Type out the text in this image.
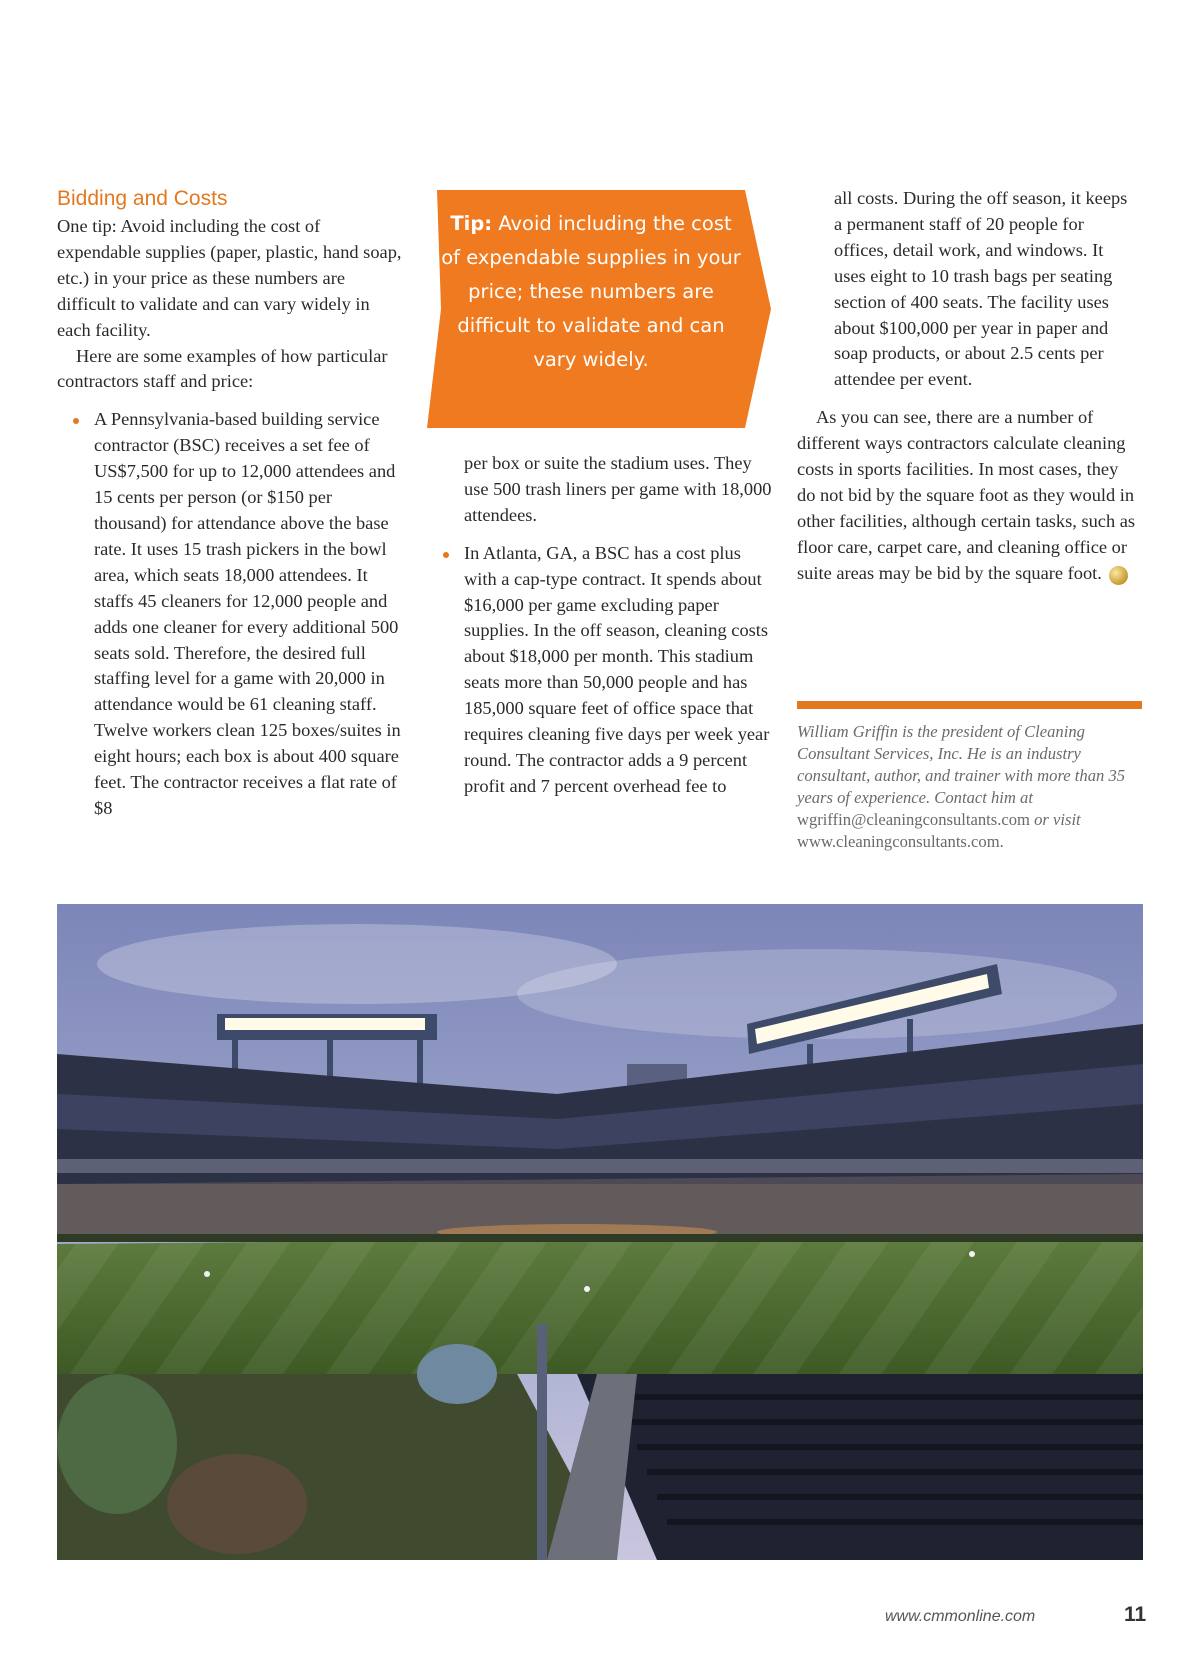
Bidding and Costs

One tip: Avoid including the cost of expendable supplies (paper, plastic, hand soap, etc.) in your price as these numbers are difficult to validate and can vary widely in each facility.

Here are some examples of how particular contractors staff and price:

A Pennsylvania-based building service contractor (BSC) receives a set fee of US$7,500 for up to 12,000 attendees and 15 cents per person (or $150 per thousand) for attendance above the base rate. It uses 15 trash pickers in the bowl area, which seats 18,000 attendees. It staffs 45 cleaners for 12,000 people and adds one cleaner for every additional 500 seats sold. Therefore, the desired full staffing level for a game with 20,000 in attendance would be 61 cleaning staff. Twelve workers clean 125 boxes/suites in eight hours; each box is about 400 square feet. The contractor receives a flat rate of $8
Tip: Avoid including the cost of expendable supplies in your price; these numbers are difficult to validate and can vary widely.

per box or suite the stadium uses. They use 500 trash liners per game with 18,000 attendees.

In Atlanta, GA, a BSC has a cost plus with a cap-type contract. It spends about $16,000 per game excluding paper supplies. In the off season, cleaning costs about $18,000 per month. This stadium seats more than 50,000 people and has 185,000 square feet of office space that requires cleaning five days per week year round. The contractor adds a 9 percent profit and 7 percent overhead fee to

all costs. During the off season, it keeps a permanent staff of 20 people for offices, detail work, and windows. It uses eight to 10 trash bags per seating section of 400 seats. The facility uses about $100,000 per year in paper and soap products, or about 2.5 cents per attendee per event.

As you can see, there are a number of different ways contractors calculate cleaning costs in sports facilities. In most cases, they do not bid by the square foot as they would in other facilities, although certain tasks, such as floor care, carpet care, and cleaning office or suite areas may be bid by the square foot.	CM

William Griffin is the president of Cleaning Consultant Services, Inc. He is an industry consultant, author, and trainer with more than 35 years of experience. Contact him at wgriffin@cleaningconsultants.com or visit www.cleaningconsultants.com.
www.cmmonline.com	11
